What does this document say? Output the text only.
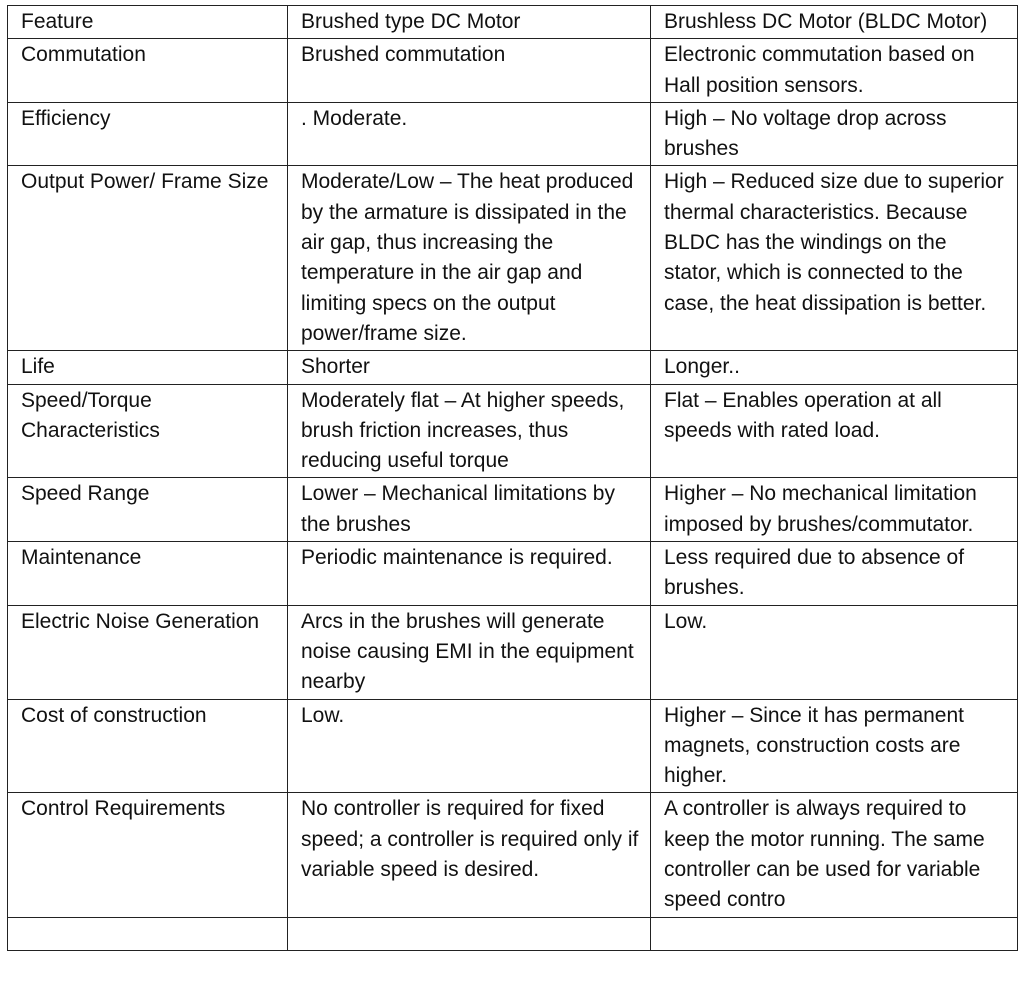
Feature	Brushed type DC Motor	Brushless DC Motor (BLDC Motor)
Commutation	Brushed commutation	Electronic commutation based on Hall position sensors.
Efficiency	. Moderate.	High – No voltage drop across brushes
Output Power/ Frame Size	Moderate/Low – The heat produced by the armature is dissipated in the air gap, thus increasing the temperature in the air gap and limiting specs on the output power/frame size.	High – Reduced size due to superior thermal characteristics. Because BLDC has the windings on the stator, which is connected to the case, the heat dissipation is better.
Life	Shorter	Longer..
Speed/Torque Characteristics	Moderately flat – At higher speeds, brush friction increases, thus reducing useful torque	Flat – Enables operation at all speeds with rated load.
Speed Range	Lower – Mechanical limitations by the brushes	Higher – No mechanical limitation imposed by brushes/commutator.
Maintenance	Periodic maintenance is required.	Less required due to absence of brushes.
Electric Noise Generation	Arcs in the brushes will generate noise causing EMI in the equipment nearby	Low.
Cost of construction	Low.	Higher – Since it has permanent magnets, construction costs are higher.
Control Requirements	No controller is required for fixed speed; a controller is required only if variable speed is desired.	A controller is always required to keep the motor running. The same controller can be used for variable speed contro
